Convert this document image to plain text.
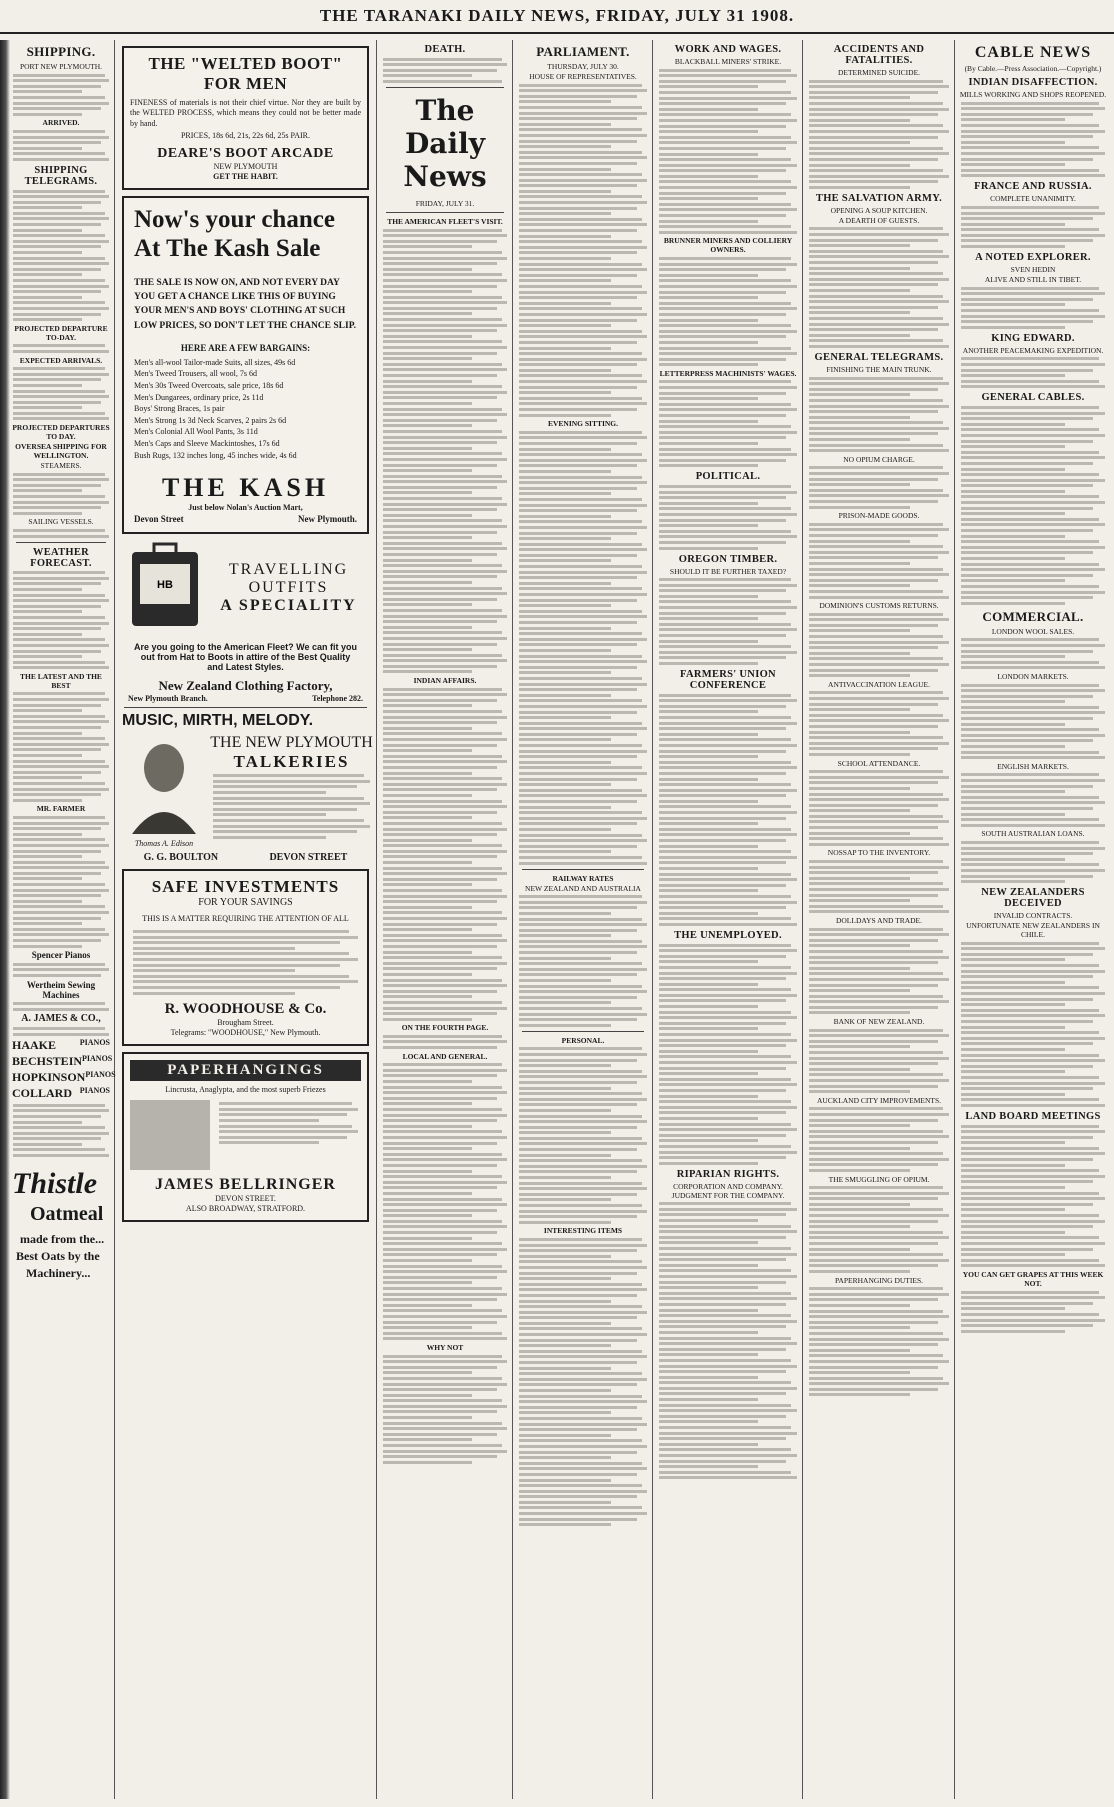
THE TARANAKI DAILY NEWS, FRIDAY, JULY 31 1908.
SHIPPING.
PORT NEW PLYMOUTH.
ARRIVED.
SHIPPING TELEGRAMS.
PROJECTED DEPARTURE TO-DAY.
EXPECTED ARRIVALS.
PROJECTED DEPARTURES TO DAY.
OVERSEA SHIPPING FOR WELLINGTON.
STEAMERS.
SAILING VESSELS.
WEATHER FORECAST.
THE LATEST AND THE BEST
MR. FARMER
Spencer Pianos
Wertheim Sewing Machines
A. JAMES & CO.,
HAAKE	PIANOS
BECHSTEIN PIANOS
HOPKINSON PIANOS
COLLARD PIANOS
Thistle
Oatmeal
made from the...
Best Oats by the
Machinery...
THE "WELTED BOOT"
FOR MEN
FINENESS of materials is not their chief virtue. Nor they are built by the WELTED PROCESS, which means they could not be better made by hand.
PRICES, 18s 6d, 21s, 22s 6d, 25s PAIR.
DEARE'S BOOT ARCADE
NEW PLYMOUTH
GET THE HABIT.
Now's your chance At The Kash Sale
THE SALE IS NOW ON, AND NOT EVERY DAY YOU GET A CHANCE LIKE THIS OF BUYING YOUR MEN'S AND BOYS' CLOTHING AT SUCH LOW PRICES, SO DON'T LET THE CHANCE SLIP.
HERE ARE A FEW BARGAINS:
Men's all-wool Tailor-made Suits, all sizes, 49s 6d
Men's Tweed Trousers, all wool, 7s 6d
Men's 30s Tweed Overcoats, sale price, 18s 6d
Men's Dungarees, ordinary price, 2s 11d
Boys' Strong Braces, 1s pair
Men's Strong 1s 3d Neck Scarves, 2 pairs 2s 6d
Men's Colonial All Wool Pants, 3s 11d
Men's Caps and Sleeve Mackintoshes, 17s 6d
Bush Rugs, 132 inches long, 45 inches wide, 4s 6d
THE KASH
Just below Nolan's Auction Mart,
Devon Street	New Plymouth.
HB
TRAVELLING
OUTFITS
A SPECIALITY
Are you going to the American Fleet? We can fit you out from Hat to Boots in attire of the Best Quality and Latest Styles.
New Zealand Clothing Factory,
New Plymouth Branch.	Telephone 282.
MUSIC, MIRTH, MELODY.
Thomas A. Edison
THE NEW PLYMOUTH
TALKERIES
G. G. BOULTON	DEVON STREET
SAFE INVESTMENTS
FOR YOUR SAVINGS
THIS IS A MATTER REQUIRING THE ATTENTION OF ALL
R. WOODHOUSE & Co.
Brougham Street.
Telegrams: "WOODHOUSE," New Plymouth.
PAPERHANGINGS
Lincrusta, Anaglypta, and the most superb Friezes
JAMES BELLRINGER
DEVON STREET.
ALSO BROADWAY, STRATFORD.
DEATH.
The Daily News
FRIDAY, JULY 31.
THE AMERICAN FLEET'S VISIT.
INDIAN AFFAIRS.
ON THE FOURTH PAGE.
LOCAL AND GENERAL.
WHY NOT
PARLIAMENT.
THURSDAY, JULY 30.
HOUSE OF REPRESENTATIVES.
EVENING SITTING.
RAILWAY RATES
NEW ZEALAND AND AUSTRALIA
PERSONAL.
INTERESTING ITEMS
WORK AND WAGES.
BLACKBALL MINERS' STRIKE.
BRUNNER MINERS AND COLLIERY OWNERS.
LETTERPRESS MACHINISTS' WAGES.
POLITICAL.
OREGON TIMBER.
SHOULD IT BE FURTHER TAXED?
FARMERS' UNION CONFERENCE
THE UNEMPLOYED.
RIPARIAN RIGHTS.
CORPORATION AND COMPANY. JUDGMENT FOR THE COMPANY.
ACCIDENTS AND FATALITIES.
DETERMINED SUICIDE.
THE SALVATION ARMY.
OPENING A SOUP KITCHEN.
A DEARTH OF GUESTS.
GENERAL TELEGRAMS.
FINISHING THE MAIN TRUNK.
NO OPIUM CHARGE.
PRISON-MADE GOODS.
DOMINION'S CUSTOMS RETURNS.
ANTIVACCINATION LEAGUE.
SCHOOL ATTENDANCE.
NOSSAP TO THE INVENTORY.
DOLLDAYS AND TRADE.
BANK OF NEW ZEALAND.
AUCKLAND CITY IMPROVEMENTS.
THE SMUGGLING OF OPIUM.
PAPERHANGING DUTIES.
CABLE NEWS
(By Cable.—Press Association.—Copyright.)
INDIAN DISAFFECTION.
MILLS WORKING AND SHOPS REOPENED.
FRANCE AND RUSSIA.
COMPLETE UNANIMITY.
A NOTED EXPLORER.
SVEN HEDIN
ALIVE AND STILL IN TIBET.
KING EDWARD.
ANOTHER PEACEMAKING EXPEDITION.
GENERAL CABLES.
COMMERCIAL.
LONDON WOOL SALES.
LONDON MARKETS.
ENGLISH MARKETS.
SOUTH AUSTRALIAN LOANS.
NEW ZEALANDERS DECEIVED
INVALID CONTRACTS.
UNFORTUNATE NEW ZEALANDERS IN CHILE.
LAND BOARD MEETINGS
YOU CAN GET GRAPES AT THIS WEEK NOT.
